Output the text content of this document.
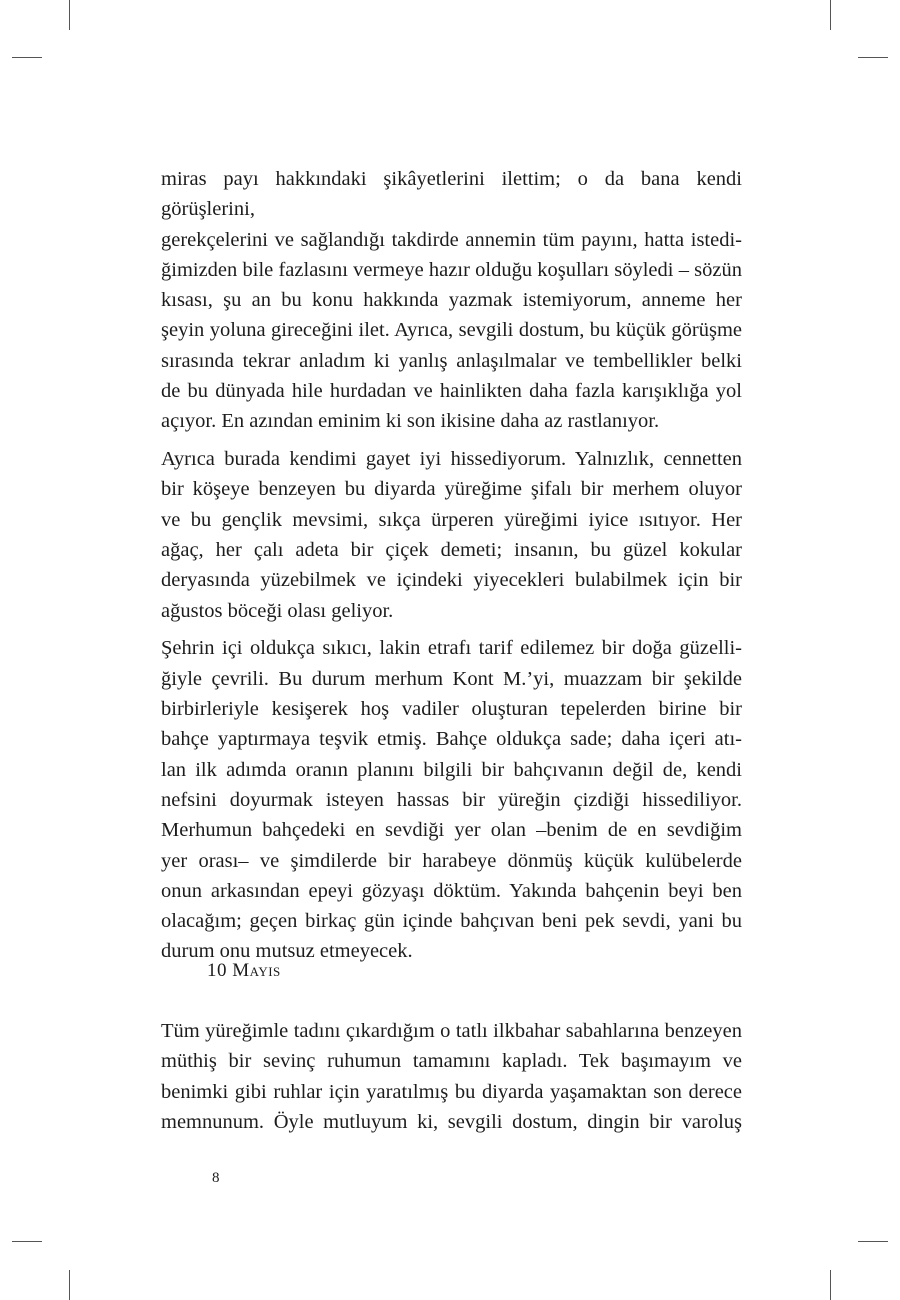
miras payı hakkındaki şikâyetlerini ilettim; o da bana kendi görüşlerini,

gerekçelerini ve sağlandığı takdirde annemin tüm payını, hatta istedi-

ğimizden bile fazlasını vermeye hazır olduğu koşulları söyledi – sözün

kısası, şu an bu konu hakkında yazmak istemiyorum, anneme her

şeyin yoluna gireceğini ilet. Ayrıca, sevgili dostum, bu küçük görüşme

sırasında tekrar anladım ki yanlış anlaşılmalar ve tembellikler belki

de bu dünyada hile hurdadan ve hainlikten daha fazla karışıklığa yol

açıyor. En azından eminim ki son ikisine daha az rastlanıyor.

Ayrıca burada kendimi gayet iyi hissediyorum. Yalnızlık, cennetten

bir köşeye benzeyen bu diyarda yüreğime şifalı bir merhem oluyor

ve bu gençlik mevsimi, sıkça ürperen yüreğimi iyice ısıtıyor. Her

ağaç, her çalı adeta bir çiçek demeti; insanın, bu güzel kokular

deryasında yüzebilmek ve içindeki yiyecekleri bulabilmek için bir

ağustos böceği olası geliyor.

Şehrin içi oldukça sıkıcı, lakin etrafı tarif edilemez bir doğa güzelli-

ğiyle çevrili. Bu durum merhum Kont M.’yi, muazzam bir şekilde

birbirleriyle kesişerek hoş vadiler oluşturan tepelerden birine bir

bahçe yaptırmaya teşvik etmiş. Bahçe oldukça sade; daha içeri atı-

lan ilk adımda oranın planını bilgili bir bahçıvanın değil de, kendi

nefsini doyurmak isteyen hassas bir yüreğin çizdiği hissediliyor.

Merhumun bahçedeki en sevdiği yer olan –benim de en sevdiğim

yer orası– ve şimdilerde bir harabeye dönmüş küçük kulübelerde

onun arkasından epeyi gözyaşı döktüm. Yakında bahçenin beyi ben

olacağım; geçen birkaç gün içinde bahçıvan beni pek sevdi, yani bu

durum onu mutsuz etmeyecek.

10 Mayıs

Tüm yüreğimle tadını çıkardığım o tatlı ilkbahar sabahlarına benzeyen

müthiş bir sevinç ruhumun tamamını kapladı. Tek başımayım ve

benimki gibi ruhlar için yaratılmış bu diyarda yaşamaktan son derece

memnunum. Öyle mutluyum ki, sevgili dostum, dingin bir varoluş

8
